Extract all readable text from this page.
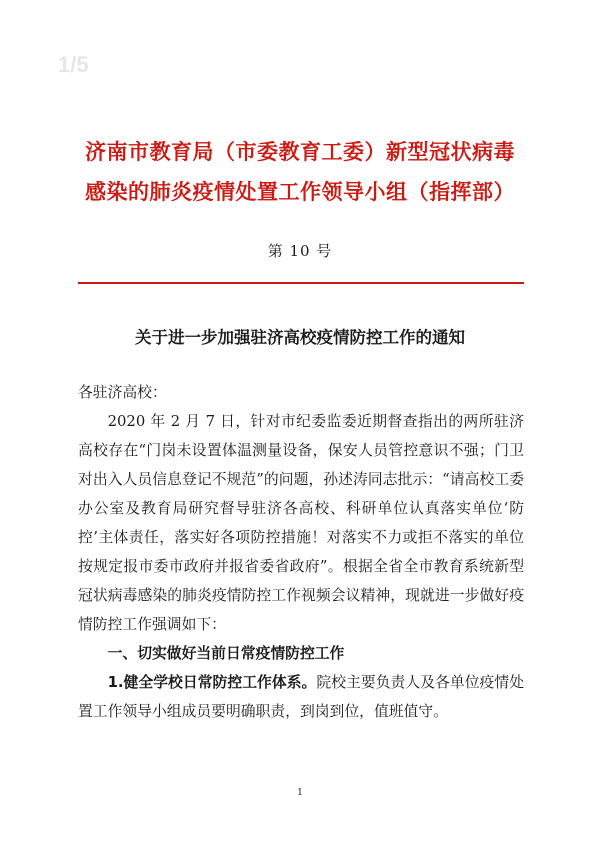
1/5
济南市教育局（市委教育工委）新型冠状病毒
感染的肺炎疫情处置工作领导小组（指挥部）
第 10 号
关于进一步加强驻济高校疫情防控工作的通知

各驻济高校：

2020 年 2 月 7 日，针对市纪委监委近期督查指出的两所驻济高校存在“门岗未设置体温测量设备，保安人员管控意识不强；门卫对出入人员信息登记不规范”的问题，孙述涛同志批示：“请高校工委办公室及教育局研究督导驻济各高校、科研单位认真落实单位‘防控’主体责任，落实好各项防控措施！对落实不力或拒不落实的单位按规定报市委市政府并报省委省政府”。根据全省全市教育系统新型冠状病毒感染的肺炎疫情防控工作视频会议精神，现就进一步做好疫情防控工作强调如下：

一、切实做好当前日常疫情防控工作

1.健全学校日常防控工作体系。院校主要负责人及各单位疫情处置工作领导小组成员要明确职责，到岗到位，值班值守。

1
